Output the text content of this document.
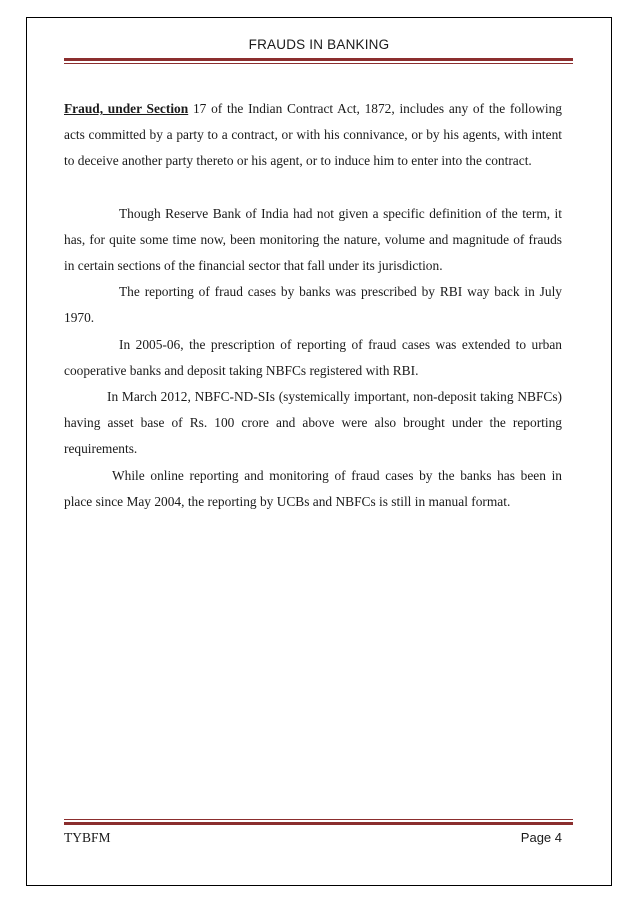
FRAUDS IN BANKING

Fraud, under Section 17 of the Indian Contract Act, 1872, includes any of the following acts committed by a party to a contract, or with his connivance, or by his agents, with intent to deceive another party thereto or his agent, or to induce him to enter into the contract.

Though Reserve Bank of India had not given a specific definition of the term, it has, for quite some time now, been monitoring the nature, volume and magnitude of frauds in certain sections of the financial sector that fall under its jurisdiction.

The reporting of fraud cases by banks was prescribed by RBI way back in July 1970.

In 2005-06, the prescription of reporting of fraud cases was extended to urban cooperative banks and deposit taking NBFCs registered with RBI.

In March 2012, NBFC-ND-SIs (systemically important, non-deposit taking NBFCs) having asset base of Rs. 100 crore and above were also brought under the reporting requirements.

While online reporting and monitoring of fraud cases by the banks has been in place since May 2004, the reporting by UCBs and NBFCs is still in manual format.

TYBFM	Page 4
